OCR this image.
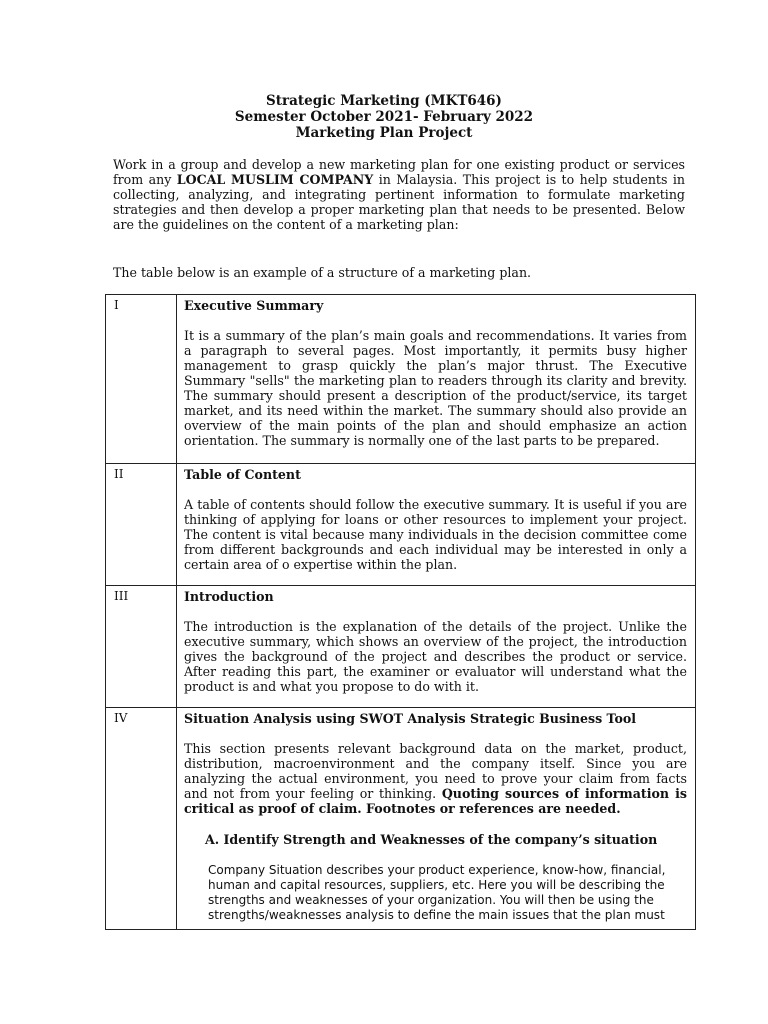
Strategic Marketing (MKT646)
Semester October 2021- February 2022
Marketing Plan Project
Work in a group and develop a new marketing plan for one existing product or services from any LOCAL MUSLIM COMPANY in Malaysia. This project is to help students in collecting, analyzing, and integrating pertinent information to formulate marketing strategies and then develop a proper marketing plan that needs to be presented. Below are the guidelines on the content of a marketing plan:
The table below is an example of a structure of a marketing plan.
I	Executive Summary
It is a summary of the plan’s main goals and recommendations. It varies from a paragraph to several pages. Most importantly, it permits busy higher management to grasp quickly the plan’s major thrust. The Executive Summary "sells" the marketing plan to readers through its clarity and brevity. The summary should present a description of the product/service, its target market, and its need within the market. The summary should also provide an overview of the main points of the plan and should emphasize an action orientation. The summary is normally one of the last parts to be prepared.

II	Table of Content
A table of contents should follow the executive summary. It is useful if you are thinking of applying for loans or other resources to implement your project. The content is vital because many individuals in the decision committee come from different backgrounds and each individual may be interested in only a certain area of o expertise within the plan.

III	Introduction
The introduction is the explanation of the details of the project. Unlike the executive summary, which shows an overview of the project, the introduction gives the background of the project and describes the product or service. After reading this part, the examiner or evaluator will understand what the product is and what you propose to do with it.

IV	Situation Analysis using SWOT Analysis Strategic Business Tool
This section presents relevant background data on the market, product, distribution, macroenvironment and the company itself. Since you are analyzing the actual environment, you need to prove your claim from facts and not from your feeling or thinking. Quoting sources of information is critical as proof of claim. Footnotes or references are needed.
A. Identify Strength and Weaknesses of the company’s situation
Company Situation describes your product experience, know-how, financial, human and capital resources, suppliers, etc. Here you will be describing the strengths and weaknesses of your organization. You will then be using the strengths/weaknesses analysis to define the main issues that the plan must
